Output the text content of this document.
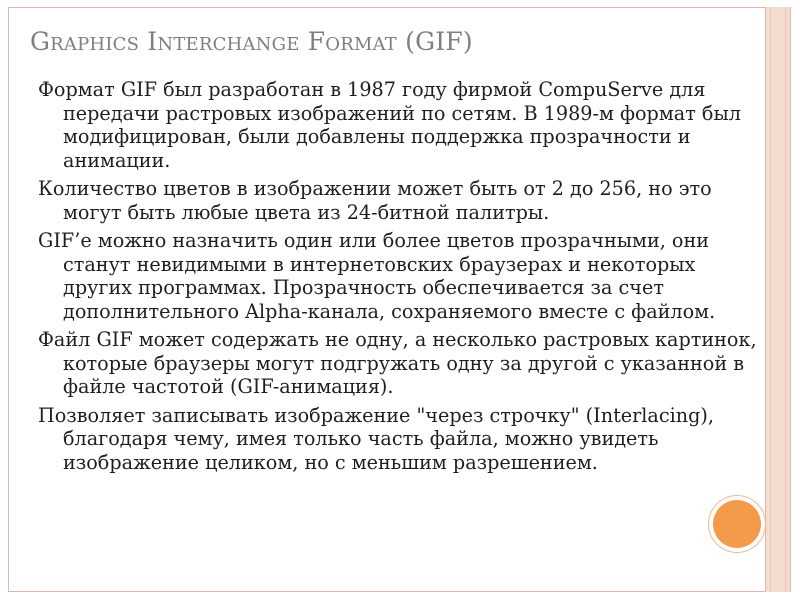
Graphics Interchange Format (GIF)

Формат GIF был разработан в 1987 году фирмой CompuServe для передачи растровых изображений по сетям. В 1989-м формат был модифицирован, были добавлены поддержка прозрачности и анимации.

Количество цветов в изображении может быть от 2 до 256, но это могут быть любые цвета из 24-битной палитры.

GIF’е можно назначить один или более цветов прозрачными, они станут невидимыми в интернетовских браузерах и некоторых других программах. Прозрачность обеспечивается за счет дополнительного Alpha-канала, сохраняемого вместе с файлом.

Файл GIF может содержать не одну, а несколько растровых картинок, которые браузеры могут подгружать одну за другой с указанной в файле частотой (GIF-анимация).

Позволяет записывать изображение "через строчку" (Interlacing), благодаря чему, имея только часть файла, можно увидеть изображение целиком, но с меньшим разрешением.
